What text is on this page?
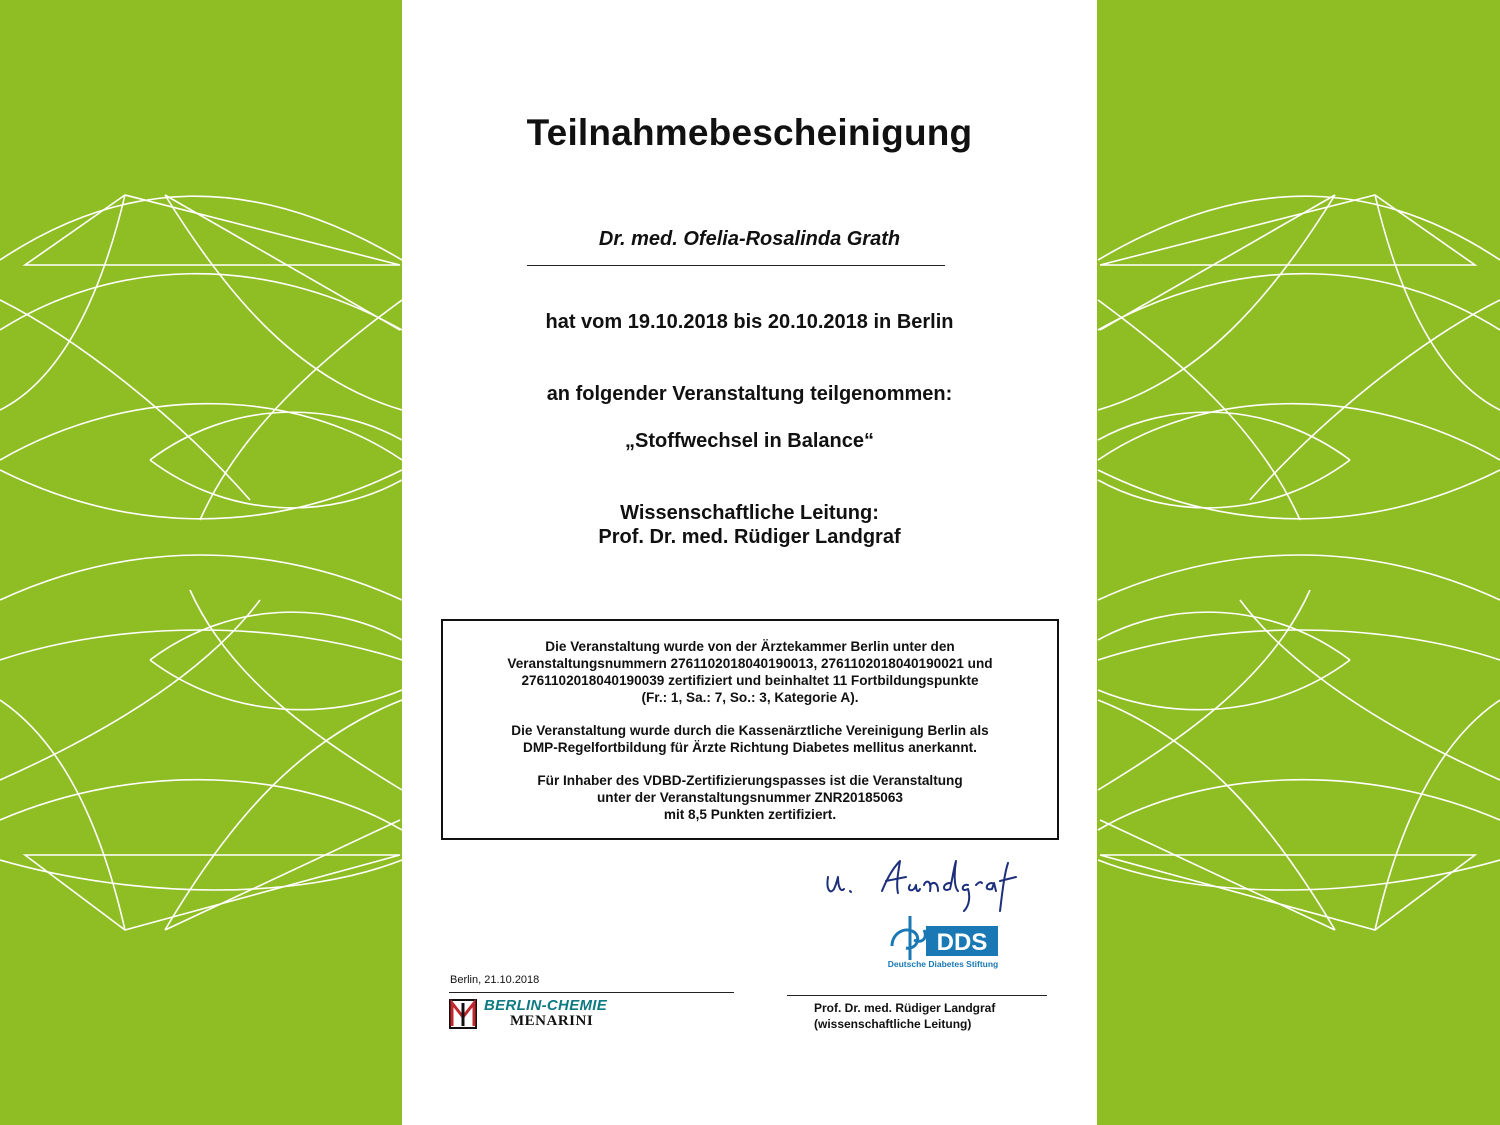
Teilnahmebescheinigung
Dr. med. Ofelia-Rosalinda Grath
hat vom 19.10.2018 bis 20.10.2018 in Berlin
an folgender Veranstaltung teilgenommen:
„Stoffwechsel in Balance“
Wissenschaftliche Leitung:
Prof. Dr. med. Rüdiger Landgraf

Die Veranstaltung wurde von der Ärztekammer Berlin unter den
Veranstaltungsnummern 2761102018040190013, 2761102018040190021 und
2761102018040190039 zertifiziert und beinhaltet 11 Fortbildungspunkte
(Fr.: 1, Sa.: 7, So.: 3, Kategorie A).

Die Veranstaltung wurde durch die Kassenärztliche Vereinigung Berlin als
DMP-Regelfortbildung für Ärzte Richtung Diabetes mellitus anerkannt.

Für Inhaber des VDBD-Zertifizierungspasses ist die Veranstaltung
unter der Veranstaltungsnummer ZNR20185063
mit 8,5 Punkten zertifiziert.

DDS
Deutsche Diabetes Stiftung
Berlin, 21.10.2018
BERLIN-CHEMIE
MENARINI
Prof. Dr. med. Rüdiger Landgraf
(wissenschaftliche Leitung)
